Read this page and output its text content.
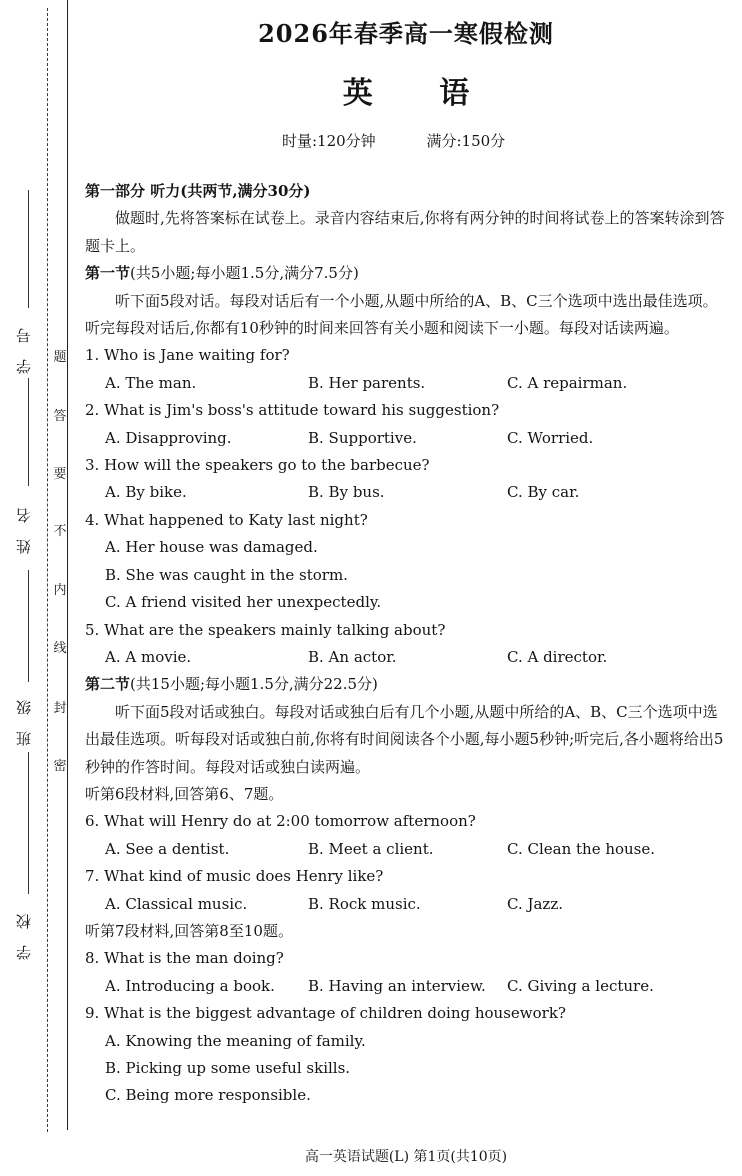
学号
姓名
班级
学校
题
答
要
不
内
线
封
密
2026年春季高一寒假检测
英 语
时量:120分钟	满分:150分
第一部分 听力(共两节,满分30分)
做题时,先将答案标在试卷上。录音内容结束后,你将有两分钟的时间将试卷上的答案转涂到答题卡上。
第一节(共5小题;每小题1.5分,满分7.5分)
听下面5段对话。每段对话后有一个小题,从题中所给的A、B、C三个选项中选出最佳选项。听完每段对话后,你都有10秒钟的时间来回答有关小题和阅读下一小题。每段对话读两遍。
1. Who is Jane waiting for?
A. The man.	B. Her parents.	C. A repairman.
2. What is Jim's boss's attitude toward his suggestion?
A. Disapproving.	B. Supportive.	C. Worried.
3. How will the speakers go to the barbecue?
A. By bike.	B. By bus.	C. By car.
4. What happened to Katy last night?
A. Her house was damaged.
B. She was caught in the storm.
C. A friend visited her unexpectedly.
5. What are the speakers mainly talking about?
A. A movie.	B. An actor.	C. A director.
第二节(共15小题;每小题1.5分,满分22.5分)
听下面5段对话或独白。每段对话或独白后有几个小题,从题中所给的A、B、C三个选项中选出最佳选项。听每段对话或独白前,你将有时间阅读各个小题,每小题5秒钟;听完后,各小题将给出5秒钟的作答时间。每段对话或独白读两遍。
听第6段材料,回答第6、7题。
6. What will Henry do at 2:00 tomorrow afternoon?
A. See a dentist.	B. Meet a client.	C. Clean the house.
7. What kind of music does Henry like?
A. Classical music.	B. Rock music.	C. Jazz.
听第7段材料,回答第8至10题。
8. What is the man doing?
A. Introducing a book.	B. Having an interview.	C. Giving a lecture.
9. What is the biggest advantage of children doing housework?
A. Knowing the meaning of family.
B. Picking up some useful skills.
C. Being more responsible.
高一英语试题(L) 第1页(共10页)
